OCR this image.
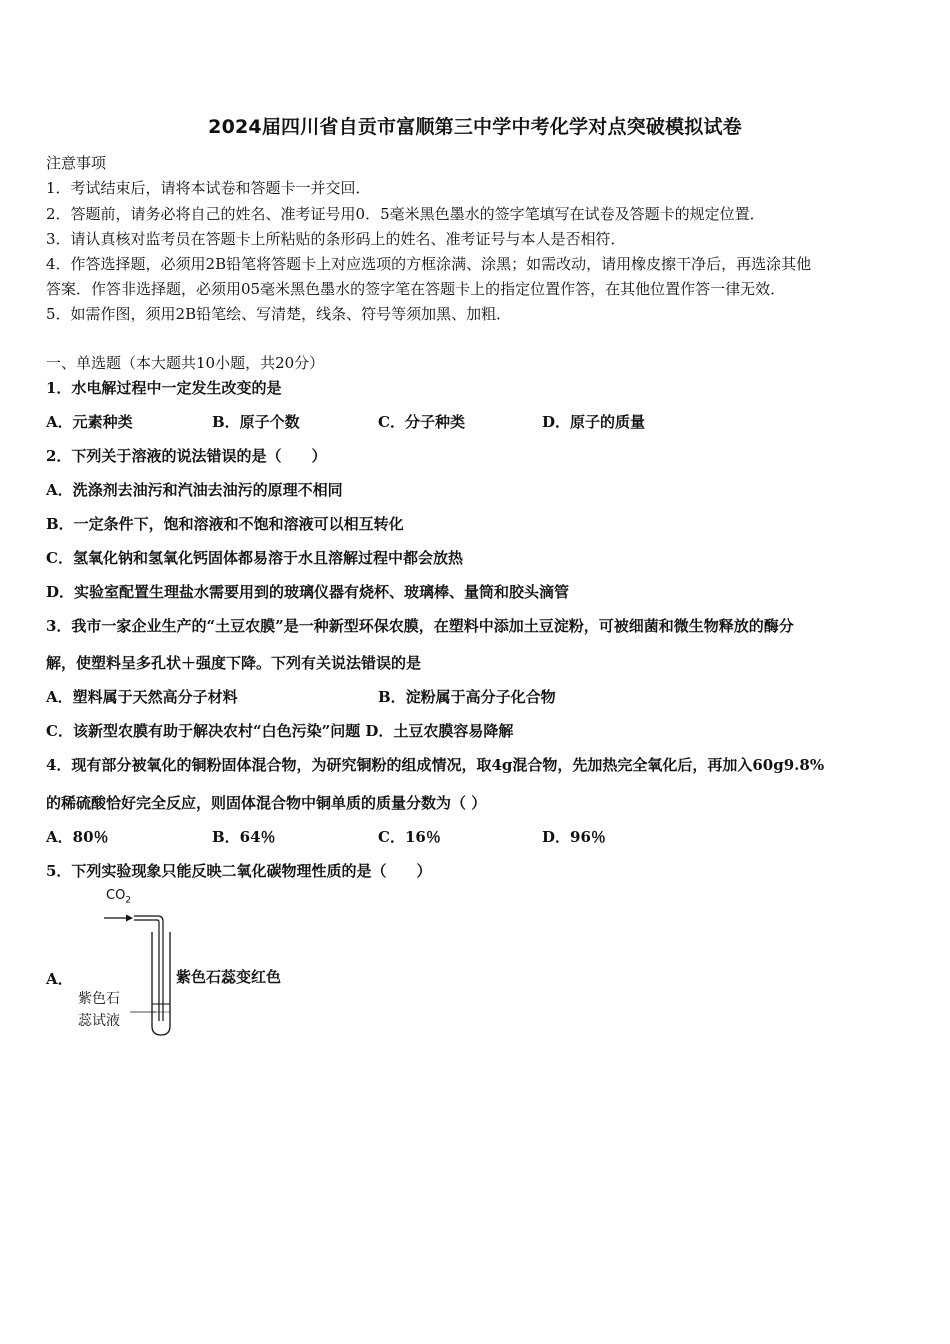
2024届四川省自贡市富顺第三中学中考化学对点突破模拟试卷
注意事项
1．考试结束后，请将本试卷和答题卡一并交回．
2．答题前，请务必将自己的姓名、准考证号用0．5毫米黑色墨水的签字笔填写在试卷及答题卡的规定位置．
3．请认真核对监考员在答题卡上所粘贴的条形码上的姓名、准考证号与本人是否相符．
4．作答选择题，必须用2B铅笔将答题卡上对应选项的方框涂满、涂黑；如需改动，请用橡皮擦干净后，再选涂其他
答案．作答非选择题，必须用05毫米黑色墨水的签字笔在答题卡上的指定位置作答，在其他位置作答一律无效．
5．如需作图，须用2B铅笔绘、写清楚，线条、符号等须加黑、加粗．
一、单选题（本大题共10小题，共20分）
1．水电解过程中一定发生改变的是
A．元素种类	B．原子个数	C．分子种类	D．原子的质量
2．下列关于溶液的说法错误的是（　　）
A．洗涤剂去油污和汽油去油污的原理不相同
B．一定条件下，饱和溶液和不饱和溶液可以相互转化
C．氢氧化钠和氢氧化钙固体都易溶于水且溶解过程中都会放热
D．实验室配置生理盐水需要用到的玻璃仪器有烧杯、玻璃棒、量筒和胶头滴管
3．我市一家企业生产的“土豆农膜”是一种新型环保农膜，在塑料中添加土豆淀粉，可被细菌和微生物释放的酶分
解，使塑料呈多孔状＋强度下降。下列有关说法错误的是
A．塑料属于天然高分子材料	B．淀粉属于高分子化合物
C．该新型农膜有助于解决农村“白色污染”问题 D．土豆农膜容易降解
4．现有部分被氧化的铜粉固体混合物，为研究铜粉的组成情况，取4g混合物，先加热完全氧化后，再加入60g9.8%
的稀硫酸恰好完全反应，则固体混合物中铜单质的质量分数为（ ）
A．80％	B．64％	C．16％	D．96％
5．下列实验现象只能反映二氧化碳物理性质的是（　　）
A．	紫色石蕊变红色
$CO_2$
紫色石
蕊试液
